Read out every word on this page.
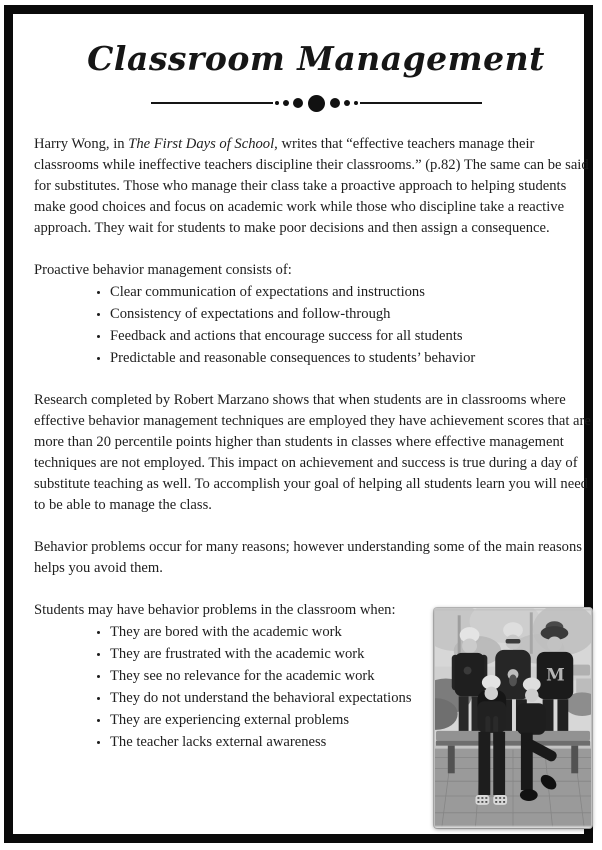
Classroom Management

Harry Wong, in The First Days of School, writes that “effective teachers manage their classrooms while ineffective teachers discipline their classrooms.” (p.82) The same can be said for substitutes. Those who manage their class take a proactive approach to helping students make good choices and focus on academic work while those who discipline take a reactive approach. They wait for students to make poor decisions and then assign a consequence.

Proactive behavior management consists of:

• Clear communication of expectations and instructions
• Consistency of expectations and follow-through
• Feedback and actions that encourage success for all students
• Predictable and reasonable consequences to students’ behavior

Research completed by Robert Marzano shows that when students are in classrooms where effective behavior management techniques are employed they have achievement scores that are more than 20 percentile points higher than students in classes where effective management techniques are not employed. This impact on achievement and success is true during a day of substitute teaching as well. To accomplish your goal of helping all students learn you will need to be able to manage the class.

Behavior problems occur for many reasons; however understanding some of the main reasons helps you avoid them.

Students may have behavior problems in the classroom when:

• They are bored with the academic work
• They are frustrated with the academic work
• They see no relevance for the academic work
• They do not understand the behavioral expectations
• They are experiencing external problems
• The teacher lacks external awareness
M
